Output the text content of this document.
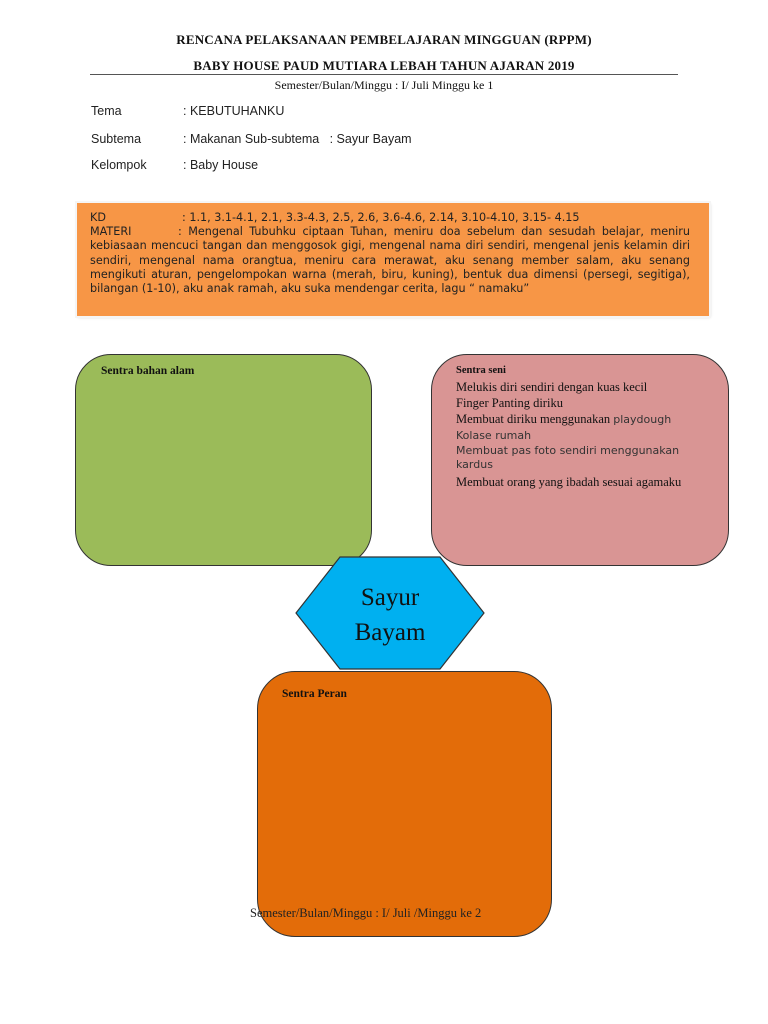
RENCANA PELAKSANAAN PEMBELAJARAN MINGGUAN (RPPM)
BABY HOUSE PAUD MUTIARA LEBAH TAHUN AJARAN 2019
Semester/Bulan/Minggu : I/ Juli Minggu ke 1
Tema	: KEBUTUHANKU
Subtema	: Makanan Sub-subtema   : Sayur Bayam
Kelompok	: Baby House
KD	: 1.1, 3.1-4.1, 2.1, 3.3-4.3, 2.5, 2.6, 3.6-4.6, 2.14, 3.10-4.10, 3.15- 4.15
MATERI	: Mengenal Tubuhku ciptaan Tuhan, meniru doa sebelum dan sesudah belajar, meniru kebiasaan mencuci tangan dan menggosok gigi, mengenal nama diri sendiri, mengenal jenis kelamin diri sendiri, mengenal nama orangtua, meniru cara merawat, aku senang member salam, aku senang mengikuti aturan, pengelompokan warna (merah, biru, kuning), bentuk dua dimensi (persegi, segitiga), bilangan (1-10), aku anak ramah, aku suka mendengar cerita, lagu “ namaku”
Sentra bahan alam	Sentra seni
Melukis diri sendiri dengan kuas kecil
Finger Panting diriku
Membuat diriku menggunakan playdough
Kolase rumah
Membuat pas foto sendiri menggunakan kardus
Membuat orang yang ibadah sesuai agamaku
Sayur
Bayam
Sentra Peran
Semester/Bulan/Minggu : I/ Juli /Minggu ke 2
